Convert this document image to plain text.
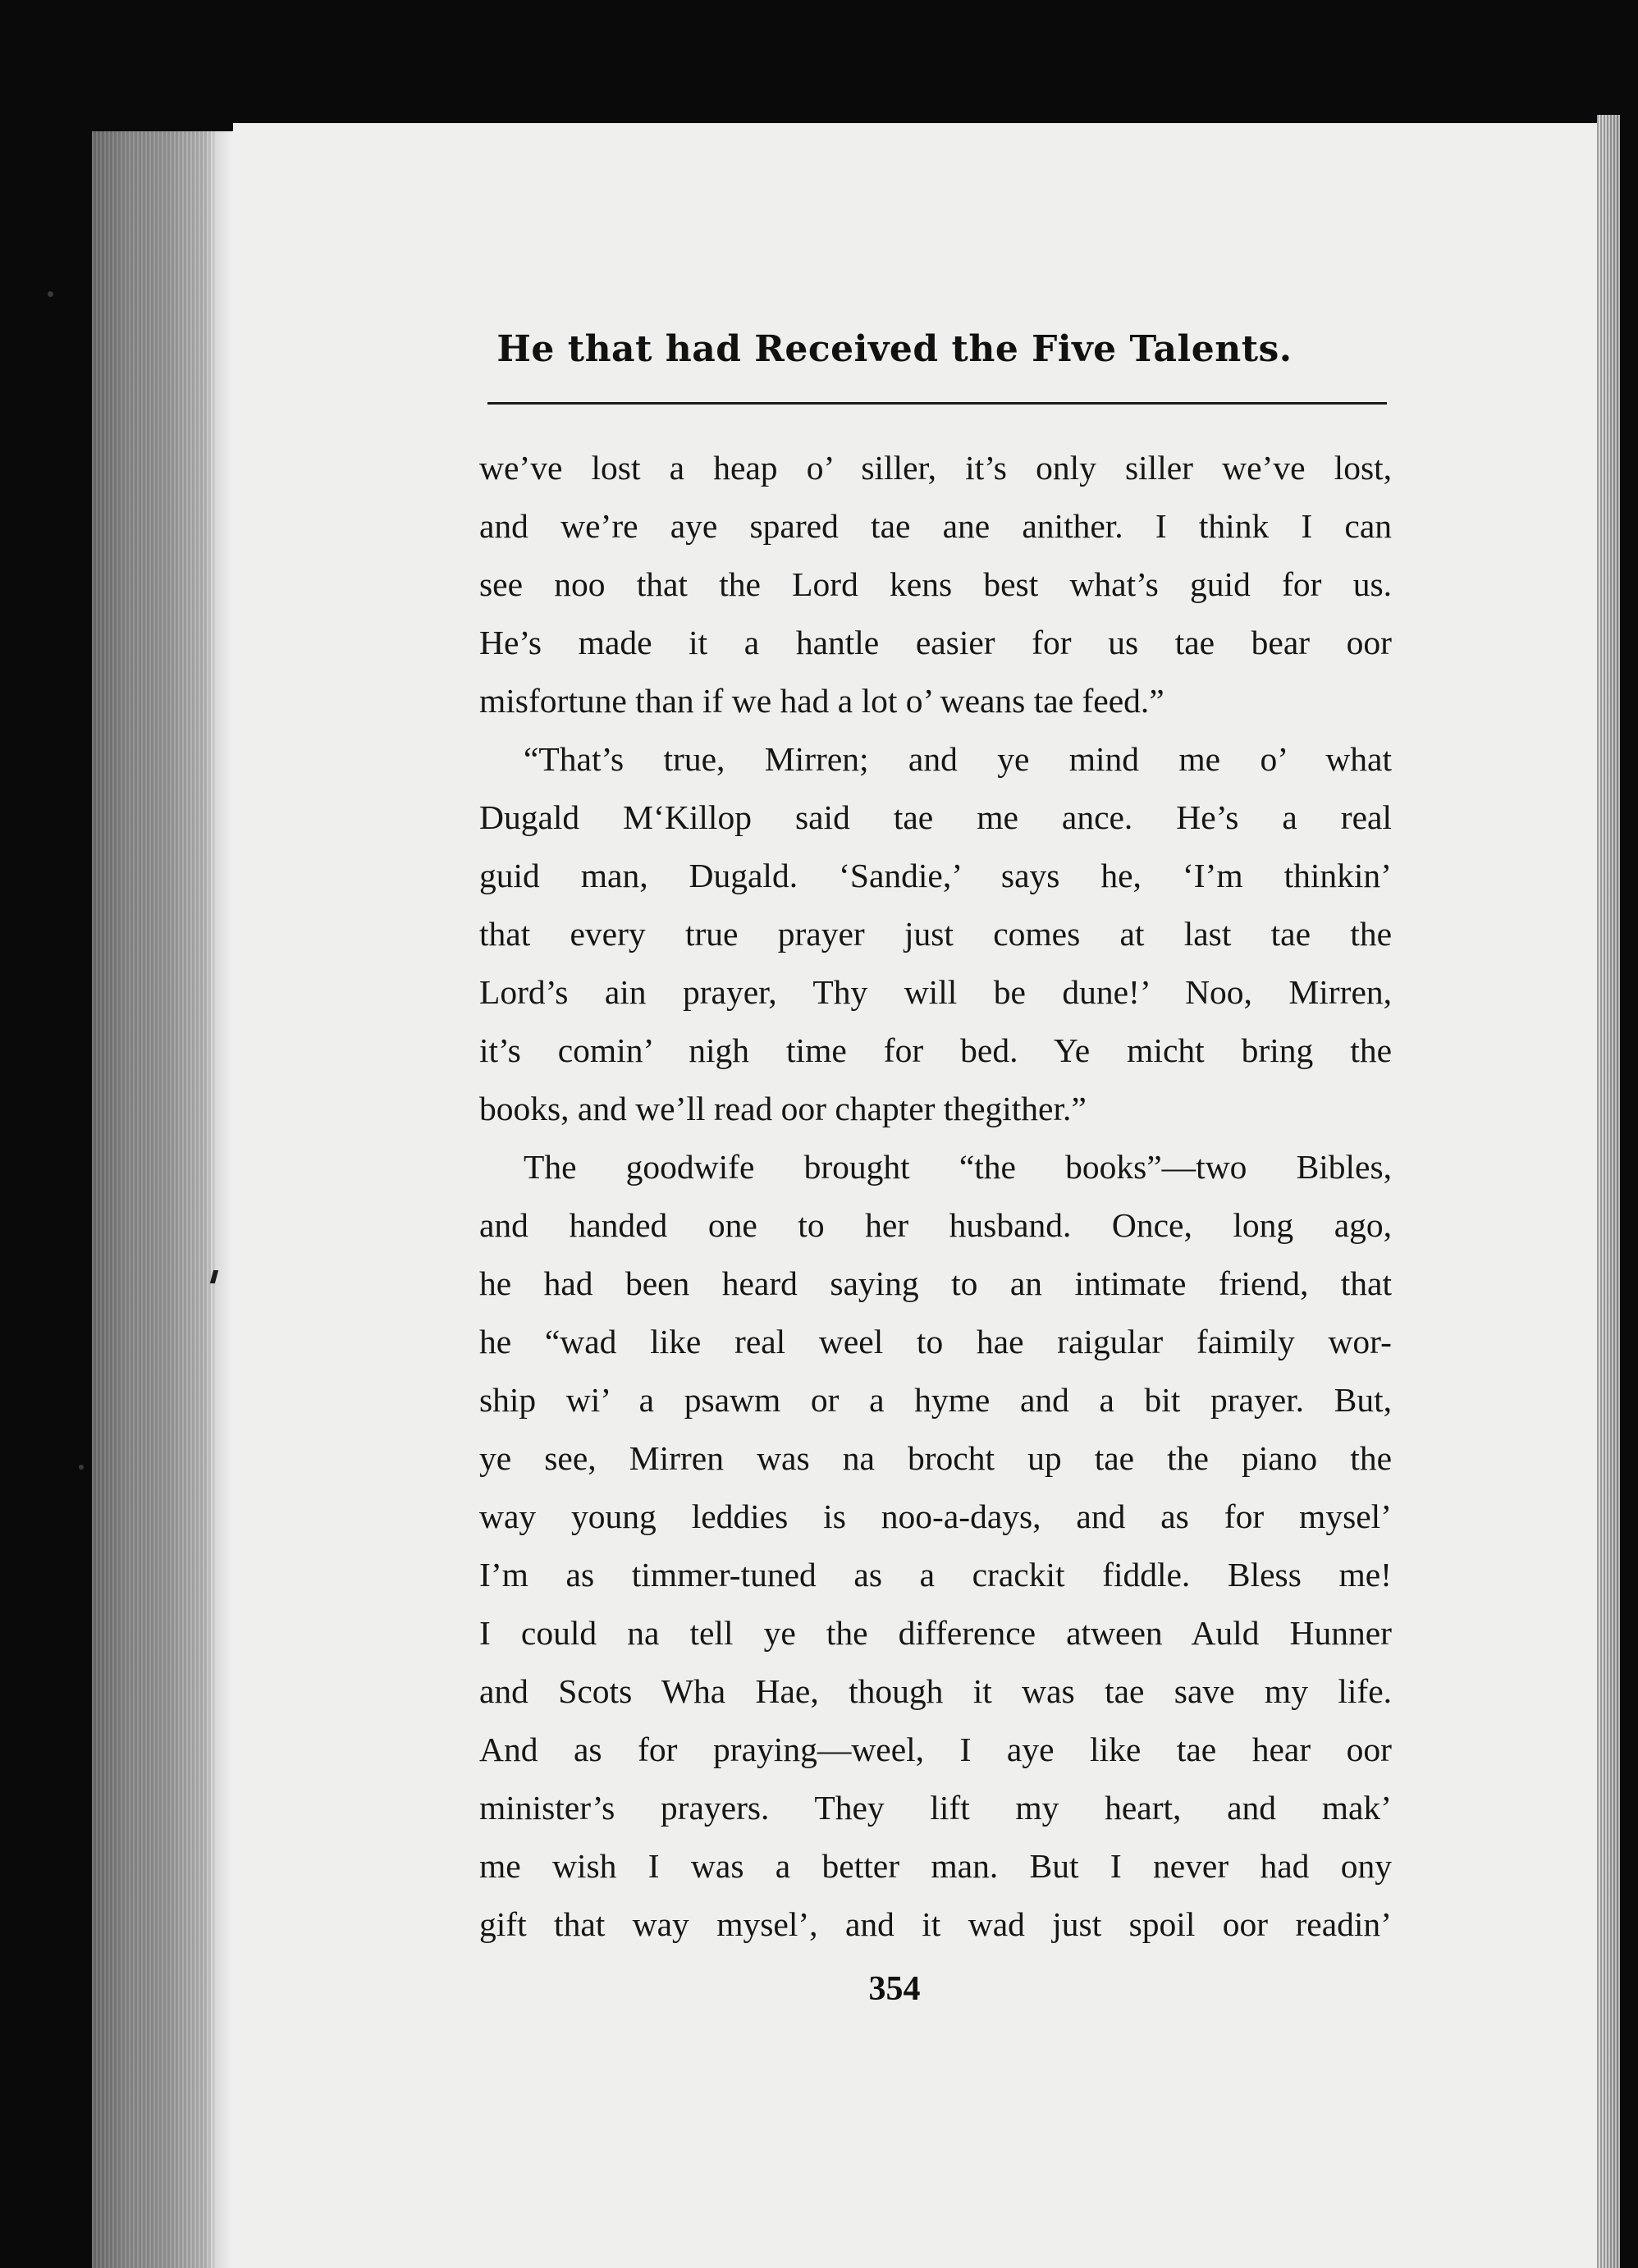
He that had Received the Five Talents.
we’ve lost a heap o’ siller, it’s only siller we’ve lost,
and we’re aye spared tae ane anither. I think I can
see noo that the Lord kens best what’s guid for us.
He’s made it a hantle easier for us tae bear oor
misfortune than if we had a lot o’ weans tae feed.”
“That’s true, Mirren; and ye mind me o’ what
Dugald M‘Killop said tae me ance. He’s a real
guid man, Dugald. ‘Sandie,’ says he, ‘I’m thinkin’
that every true prayer just comes at last tae the
Lord’s ain prayer, Thy will be dune!’ Noo, Mirren,
it’s comin’ nigh time for bed. Ye micht bring the
books, and we’ll read oor chapter thegither.”
The goodwife brought “the books”—two Bibles,
and handed one to her husband. Once, long ago,
he had been heard saying to an intimate friend, that
he “wad like real weel to hae raigular faimily wor-
ship wi’ a psawm or a hyme and a bit prayer. But,
ye see, Mirren was na brocht up tae the piano the
way young leddies is noo-a-days, and as for mysel’
I’m as timmer-tuned as a crackit fiddle. Bless me!
I could na tell ye the difference atween Auld Hunner
and Scots Wha Hae, though it was tae save my life.
And as for praying—weel, I aye like tae hear oor
minister’s prayers. They lift my heart, and mak’
me wish I was a better man. But I never had ony
gift that way mysel’, and it wad just spoil oor readin’
354
